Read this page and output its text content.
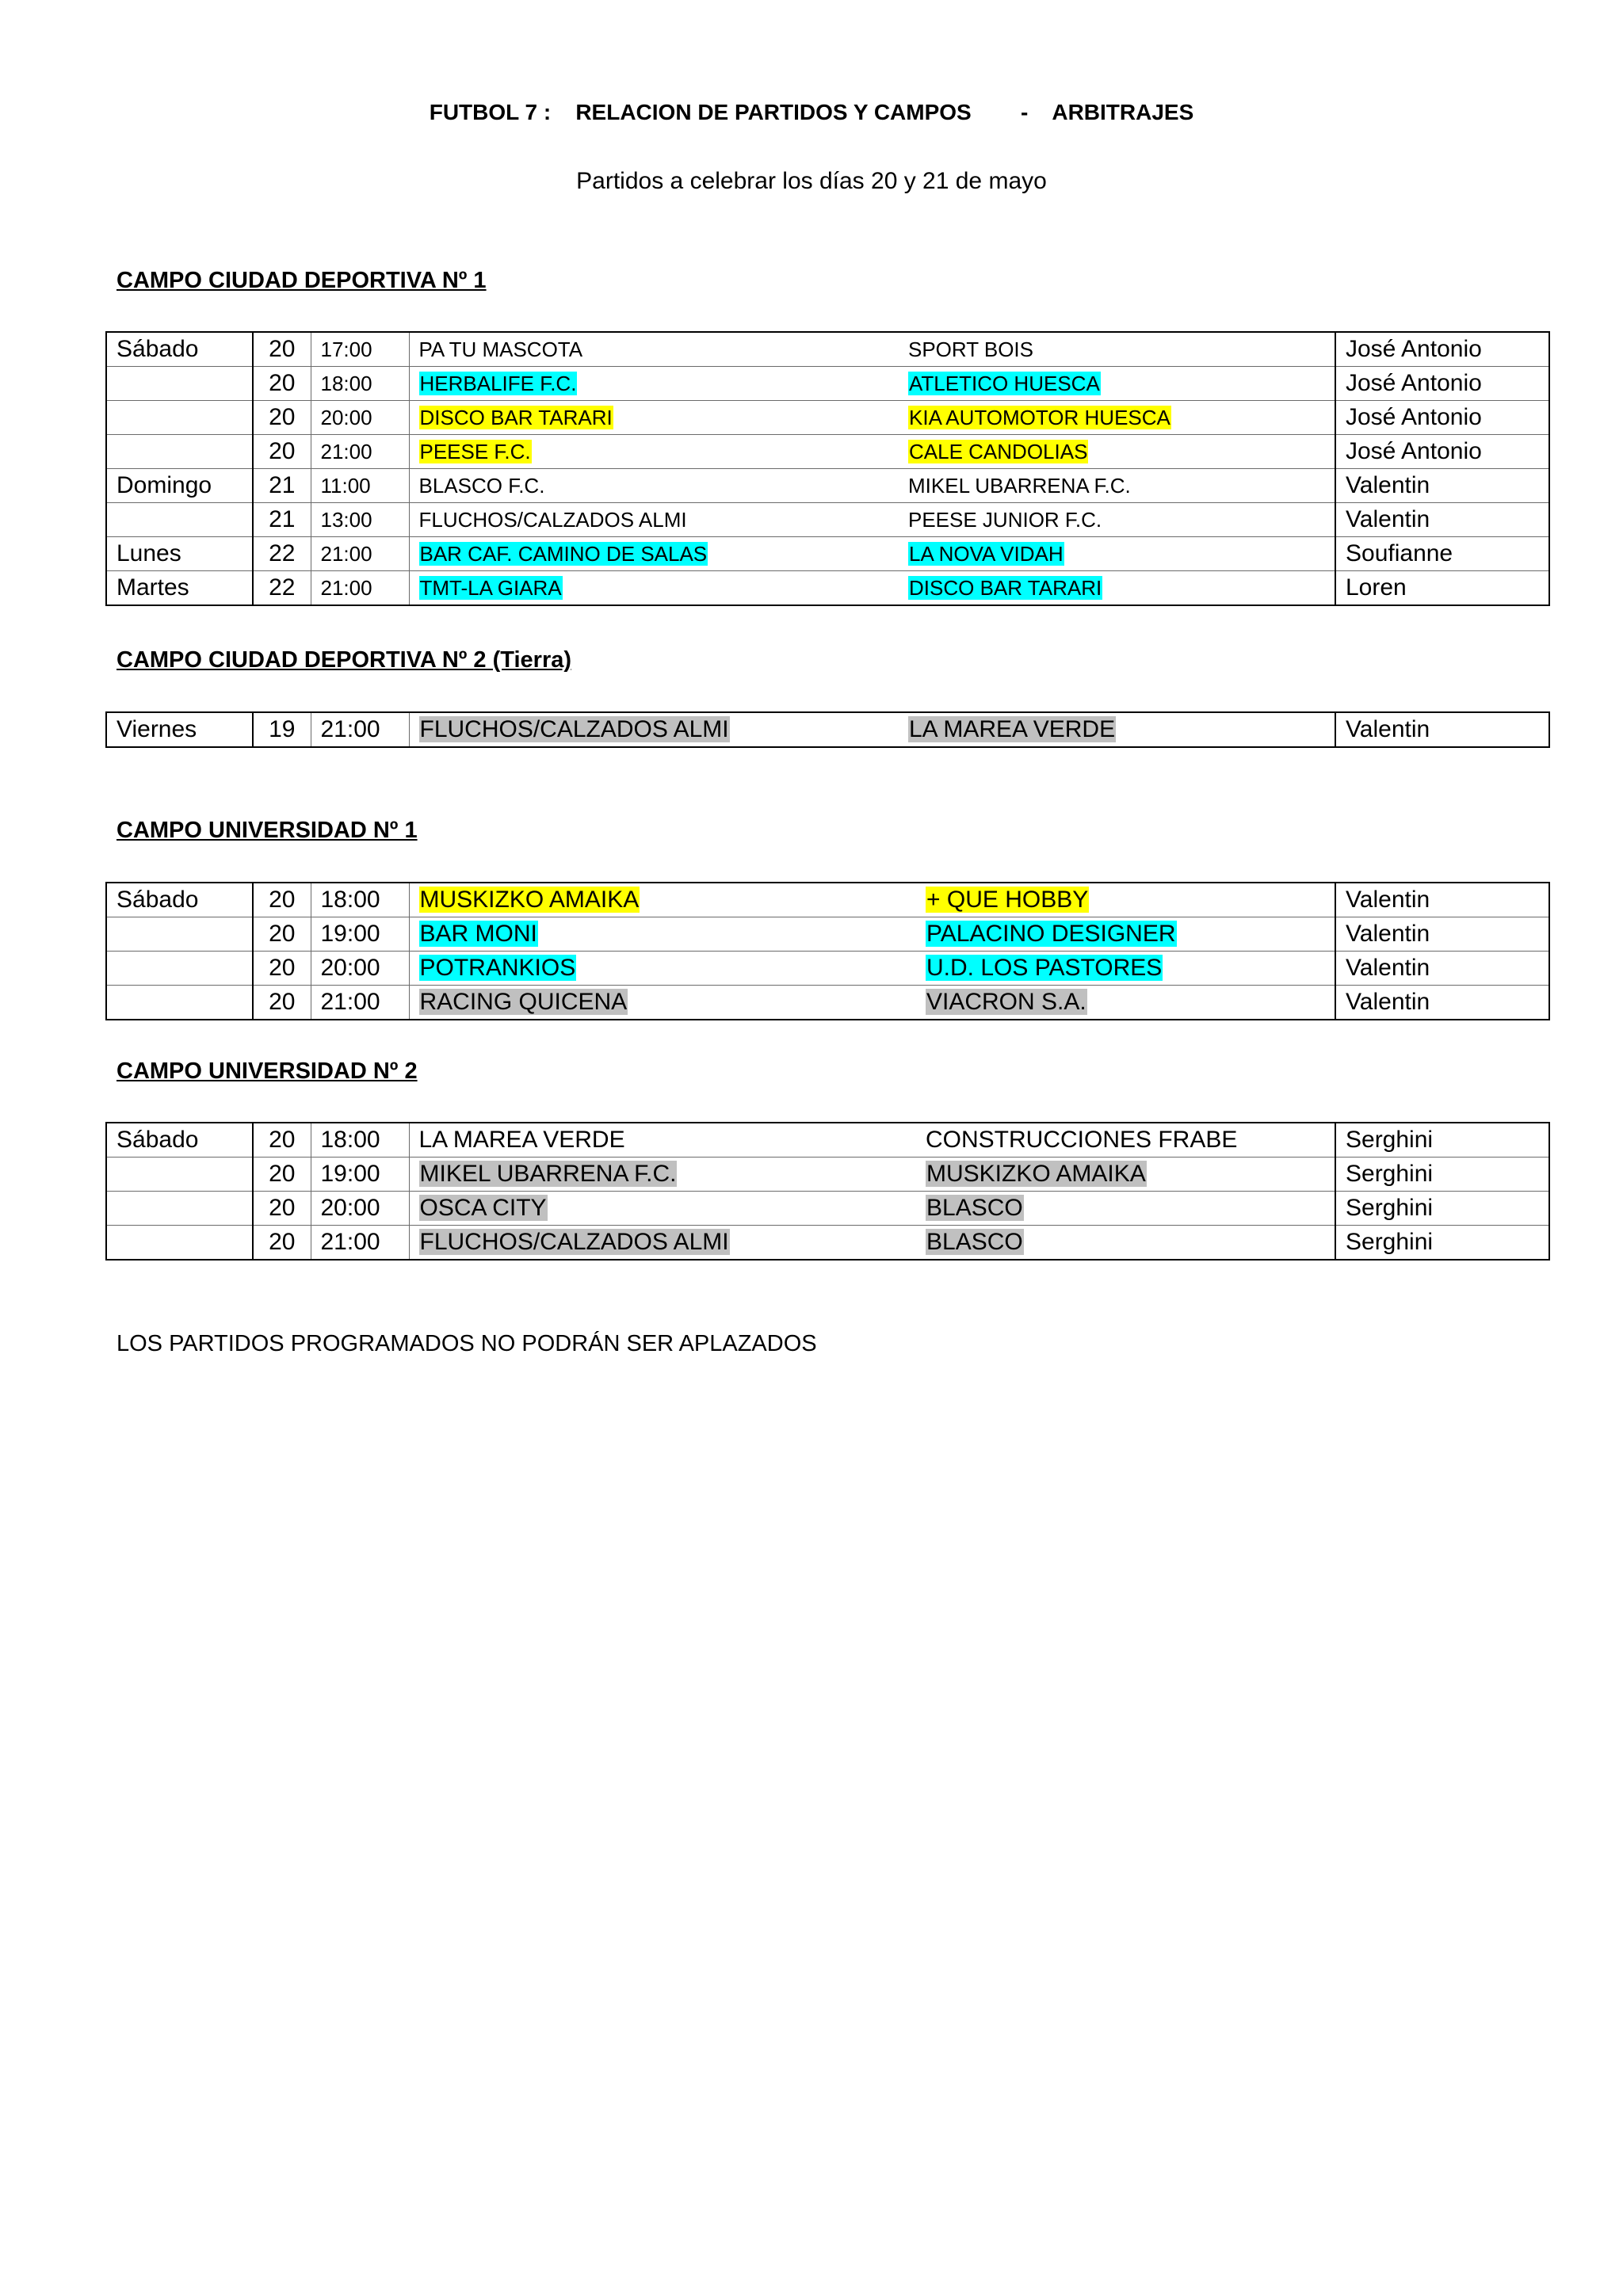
FUTBOL 7 :    RELACION DE PARTIDOS Y CAMPOS        -    ARBITRAJES
Partidos a celebrar los días 20 y 21 de mayo
CAMPO CIUDAD DEPORTIVA Nº 1
Sábado	20	17:00	PA TU MASCOTA		SPORT BOIS	José Antonio
	20	18:00	HERBALIFE F.C.		ATLETICO HUESCA	José Antonio
	20	20:00	DISCO BAR TARARI		KIA AUTOMOTOR HUESCA	José Antonio
	20	21:00	PEESE F.C.		CALE CANDOLIAS	José Antonio
Domingo	21	11:00	BLASCO F.C.		MIKEL UBARRENA F.C.	Valentin
	21	13:00	FLUCHOS/CALZADOS ALMI		PEESE JUNIOR F.C.	Valentin
Lunes	22	21:00	BAR CAF. CAMINO DE SALAS		LA NOVA VIDAH	Soufianne
Martes	22	21:00	TMT-LA GIARA		DISCO BAR TARARI	Loren
CAMPO CIUDAD DEPORTIVA Nº 2 (Tierra)
Viernes	19	21:00	FLUCHOS/CALZADOS ALMI		LA MAREA VERDE	Valentin
CAMPO UNIVERSIDAD Nº 1
Sábado	20	18:00	MUSKIZKO AMAIKA		+ QUE HOBBY	Valentin
	20	19:00	BAR MONI		PALACINO DESIGNER	Valentin
	20	20:00	POTRANKIOS		U.D. LOS PASTORES	Valentin
	20	21:00	RACING QUICENA		VIACRON S.A.	Valentin
CAMPO UNIVERSIDAD Nº 2
Sábado	20	18:00	LA MAREA VERDE		CONSTRUCCIONES FRABE	Serghini
	20	19:00	MIKEL UBARRENA F.C.		MUSKIZKO AMAIKA	Serghini
	20	20:00	OSCA CITY		BLASCO	Serghini
	20	21:00	FLUCHOS/CALZADOS ALMI		BLASCO	Serghini
LOS PARTIDOS PROGRAMADOS NO PODRÁN SER APLAZADOS
